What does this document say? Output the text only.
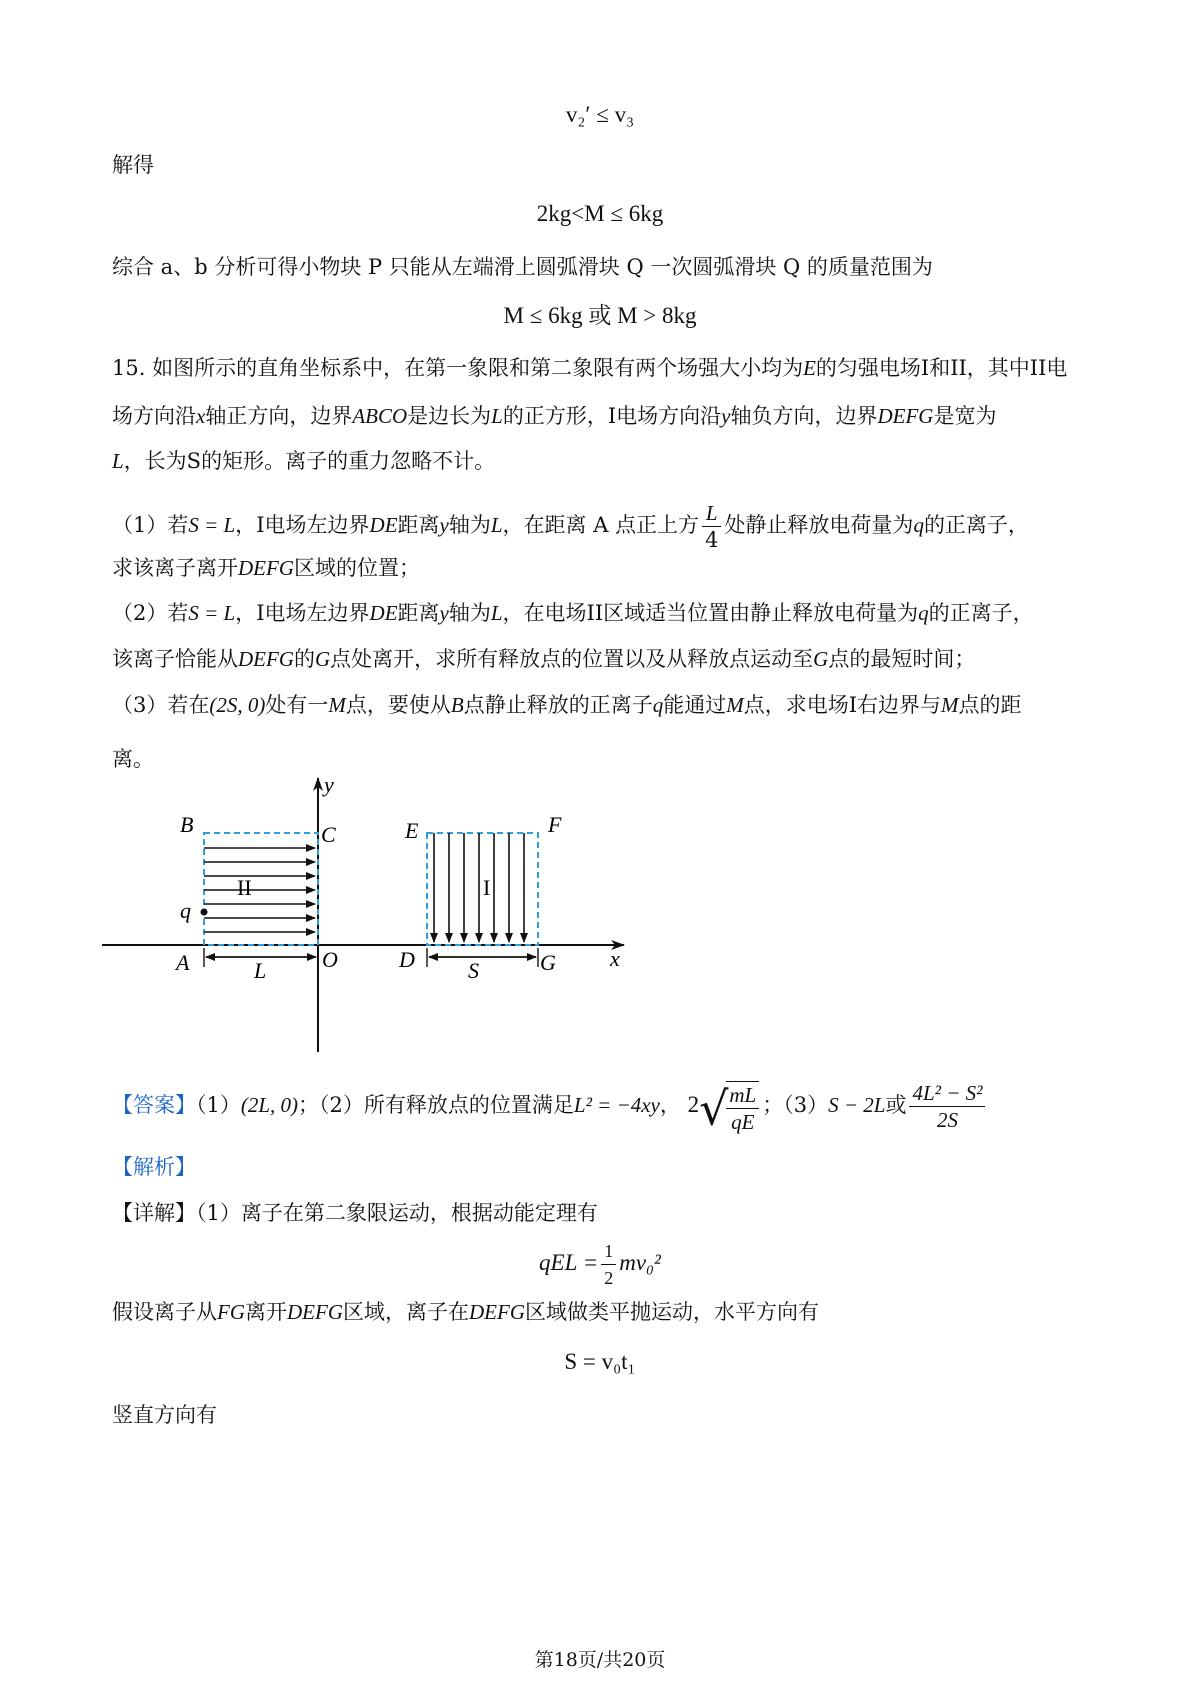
v₂′ ≤ v₃
解得
2kg<M ≤ 6kg
综合 a、b 分析可得小物块 P 只能从左端滑上圆弧滑块 Q 一次圆弧滑块 Q 的质量范围为
M ≤ 6kg 或 M > 8kg
15. 如图所示的直角坐标系中，在第一象限和第二象限有两个场强大小均为E的匀强电场I和II，其中II电
场方向沿x轴正方向，边界ABCO是边长为L的正方形，I电场方向沿y轴负方向，边界DEFG是宽为
L，长为S的矩形。离子的重力忽略不计。
（1）若S = L，I电场左边界DE距离y轴为L，在距离 A 点正上方 $\frac{L}{4}$ 处静止释放电荷量为q的正离子，
求该离子离开DEFG区域的位置；
（2）若S = L，I电场左边界DE距离y轴为L，在电场II区域适当位置由静止释放电荷量为q的正离子，
该离子恰能从DEFG的G点处离开，求所有释放点的位置以及从释放点运动至G点的最短时间；
（3）若在(2S, 0)处有一M点，要使从B点静止释放的正离子q能通过M点，求电场I右边界与M点的距
离。
B	C	E	F
q
A	O	D	G x
y
L	S
II	I
【答案】（1）(2L, 0)；（2）所有释放点的位置满足L² = −4xy， 2√
$\frac{mL}{qE}$ ；（3）S − 2L或 $\frac{\text{4L² − S²}}{2S}$
【解析】
【详解】（1）离子在第二象限运动，根据动能定理有
qEL = $\frac{1}{2} mv_0^2$
假设离子从FG离开DEFG区域，离子在DEFG区域做类平抛运动，水平方向有
S = v₀t₁
竖直方向有
第18页/共20页
